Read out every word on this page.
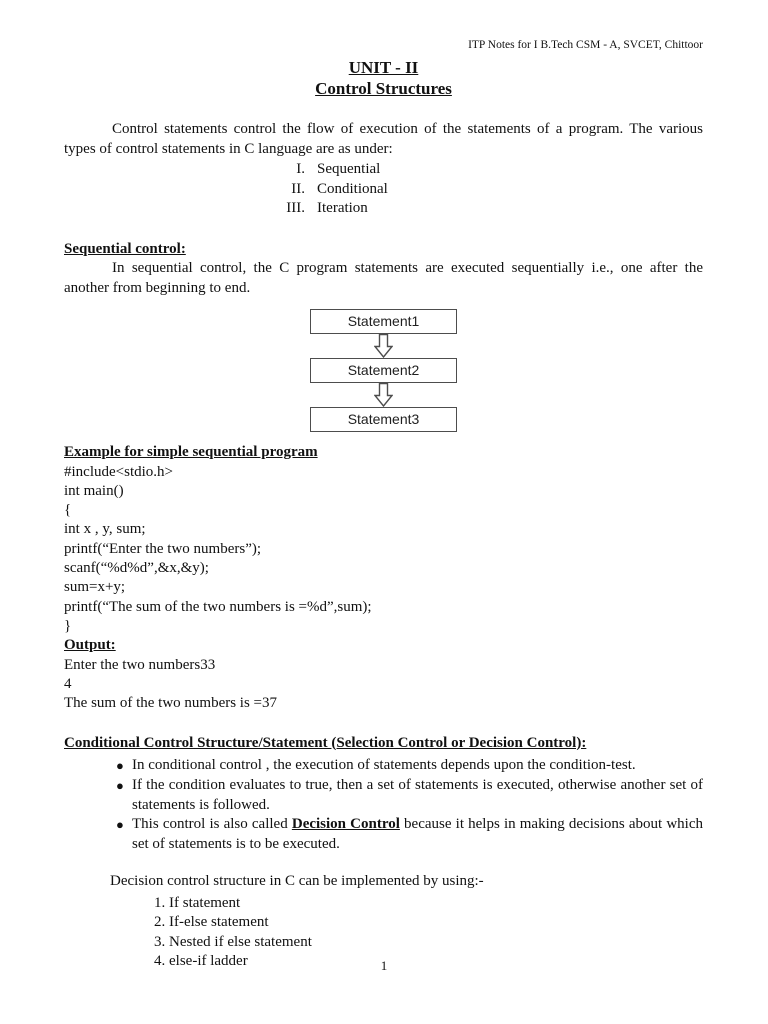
ITP Notes for I B.Tech CSM - A, SVCET, Chittoor
UNIT - II
Control Structures
Control statements control the flow of execution of the statements of a program. The various types of control statements in C language are as under:
I. Sequential
II. Conditional
III. Iteration
Sequential control:
In sequential control, the C program statements are executed sequentially i.e., one after the another from beginning to end.
Statement1
Statement2
Statement3
Example for simple sequential program
#include<stdio.h>
int main()
{
int x , y, sum;
printf(“Enter the two numbers”);
scanf(“%d%d”,&x,&y);
sum=x+y;
printf(“The sum of the two numbers is =%d”,sum);
}
Output:
Enter the two numbers33
4
The sum of the two numbers is =37
Conditional Control Structure/Statement (Selection Control or Decision Control):
● In conditional control , the execution of statements depends upon the condition-test.
● If the condition evaluates to true, then a set of statements is executed, otherwise another set of statements is followed.
● This control is also called Decision Control because it helps in making decisions about which set of statements is to be executed.
Decision control structure in C can be implemented by using:-
1. If statement
2. If-else statement
3. Nested if else statement
4. else-if ladder	1
